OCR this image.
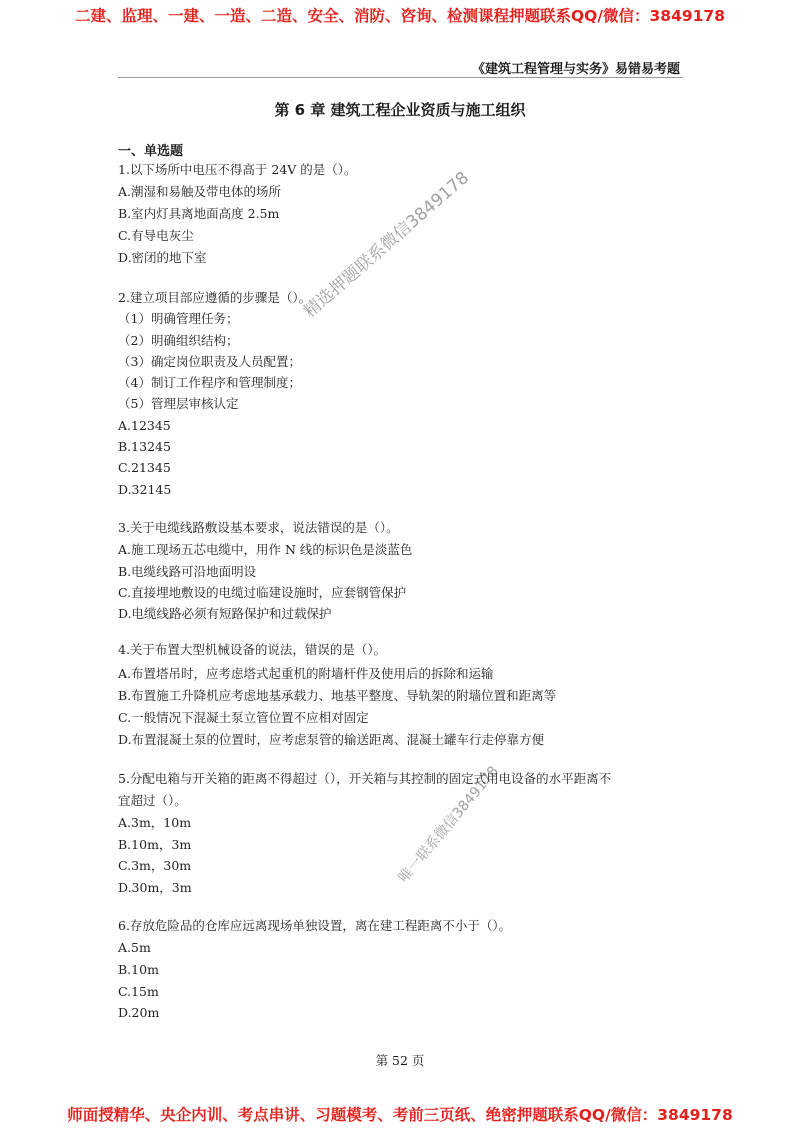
二建、监理、一建、一造、二造、安全、消防、咨询、检测课程押题联系QQ/微信：3849178
《建筑工程管理与实务》易错易考题
第 6 章 建筑工程企业资质与施工组织
一、单选题
1.以下场所中电压不得高于 24V 的是（）。
A.潮湿和易触及带电体的场所
B.室内灯具离地面高度 2.5m
C.有导电灰尘
D.密闭的地下室
2.建立项目部应遵循的步骤是（）。
（1）明确管理任务；
（2）明确组织结构；
（3）确定岗位职责及人员配置；
（4）制订工作程序和管理制度；
（5）管理层审核认定
A.12345
B.13245
C.21345
D.32145
3.关于电缆线路敷设基本要求，说法错误的是（）。
A.施工现场五芯电缆中，用作 N 线的标识色是淡蓝色
B.电缆线路可沿地面明设
C.直接埋地敷设的电缆过临建设施时，应套钢管保护
D.电缆线路必须有短路保护和过载保护
4.关于布置大型机械设备的说法，错误的是（）。
A.布置塔吊时，应考虑塔式起重机的附墙杆件及使用后的拆除和运输
B.布置施工升降机应考虑地基承载力、地基平整度、导轨架的附墙位置和距离等
C.一般情况下混凝土泵立管位置不应相对固定
D.布置混凝土泵的位置时，应考虑泵管的输送距离、混凝土罐车行走停靠方便
5.分配电箱与开关箱的距离不得超过（），开关箱与其控制的固定式用电设备的水平距离不
宜超过（）。
A.3m，10m
B.10m，3m
C.3m，30m
D.30m，3m
6.存放危险品的仓库应远离现场单独设置，离在建工程距离不小于（）。
A.5m
B.10m
C.15m
D.20m
精选押题联系微信3849178
唯一联系微信3849178
第 52 页
师面授精华、央企内训、考点串讲、习题模考、考前三页纸、绝密押题联系QQ/微信：3849178
